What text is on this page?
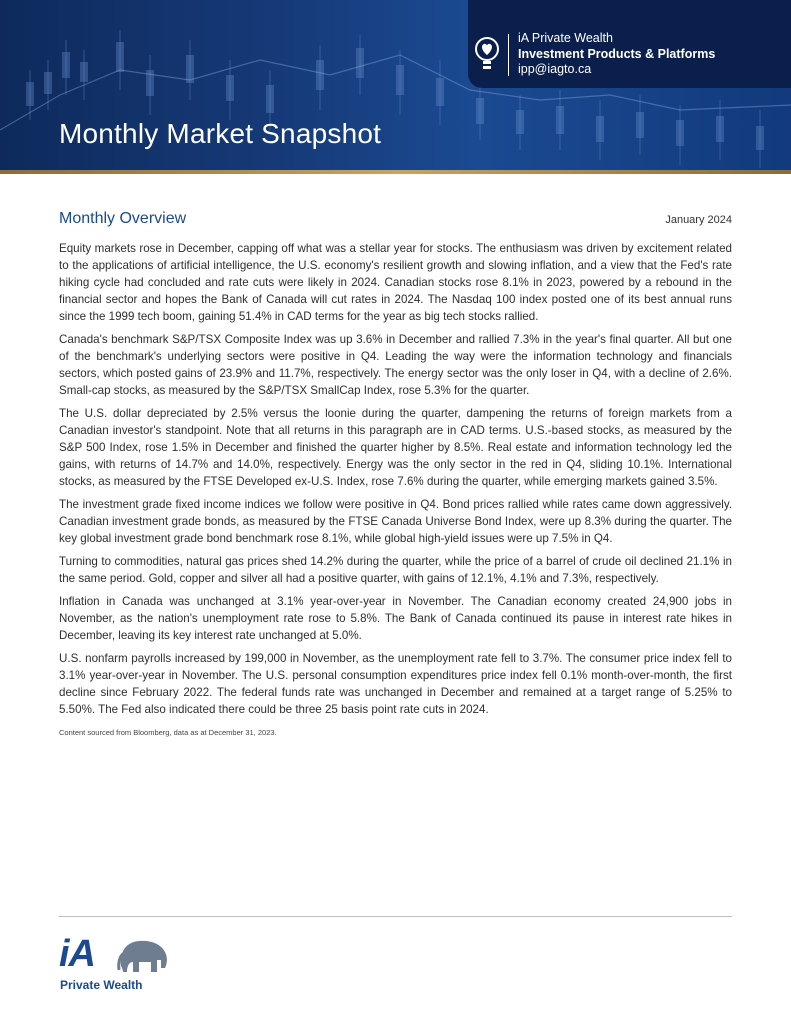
Monthly Market Snapshot
iA Private Wealth
Investment Products & Platforms
ipp@iagto.ca
Monthly Overview	January 2024

Equity markets rose in December, capping off what was a stellar year for stocks. The enthusiasm was driven by excitement related to the applications of artificial intelligence, the U.S. economy's resilient growth and slowing inflation, and a view that the Fed's rate hiking cycle had concluded and rate cuts were likely in 2024. Canadian stocks rose 8.1% in 2023, powered by a rebound in the financial sector and hopes the Bank of Canada will cut rates in 2024. The Nasdaq 100 index posted one of its best annual runs since the 1999 tech boom, gaining 51.4% in CAD terms for the year as big tech stocks rallied.

Canada's benchmark S&P/TSX Composite Index was up 3.6% in December and rallied 7.3% in the year's final quarter. All but one of the benchmark's underlying sectors were positive in Q4. Leading the way were the information technology and financials sectors, which posted gains of 23.9% and 11.7%, respectively. The energy sector was the only loser in Q4, with a decline of 2.6%. Small-cap stocks, as measured by the S&P/TSX SmallCap Index, rose 5.3% for the quarter.

The U.S. dollar depreciated by 2.5% versus the loonie during the quarter, dampening the returns of foreign markets from a Canadian investor's standpoint. Note that all returns in this paragraph are in CAD terms. U.S.-based stocks, as measured by the S&P 500 Index, rose 1.5% in December and finished the quarter higher by 8.5%. Real estate and information technology led the gains, with returns of 14.7% and 14.0%, respectively. Energy was the only sector in the red in Q4, sliding 10.1%. International stocks, as measured by the FTSE Developed ex-U.S. Index, rose 7.6% during the quarter, while emerging markets gained 3.5%.

The investment grade fixed income indices we follow were positive in Q4. Bond prices rallied while rates came down aggressively. Canadian investment grade bonds, as measured by the FTSE Canada Universe Bond Index, were up 8.3% during the quarter. The key global investment grade bond benchmark rose 8.1%, while global high-yield issues were up 7.5% in Q4.

Turning to commodities, natural gas prices shed 14.2% during the quarter, while the price of a barrel of crude oil declined 21.1% in the same period. Gold, copper and silver all had a positive quarter, with gains of 12.1%, 4.1% and 7.3%, respectively.

Inflation in Canada was unchanged at 3.1% year-over-year in November. The Canadian economy created 24,900 jobs in November, as the nation's unemployment rate rose to 5.8%. The Bank of Canada continued its pause in interest rate hikes in December, leaving its key interest rate unchanged at 5.0%.

U.S. nonfarm payrolls increased by 199,000 in November, as the unemployment rate fell to 3.7%. The consumer price index fell to 3.1% year-over-year in November. The U.S. personal consumption expenditures price index fell 0.1% month-over-month, the first decline since February 2022. The federal funds rate was unchanged in December and remained at a target range of 5.25% to 5.50%. The Fed also indicated there could be three 25 basis point rate cuts in 2024.

Content sourced from Bloomberg, data as at December 31, 2023.
iA
Private Wealth
